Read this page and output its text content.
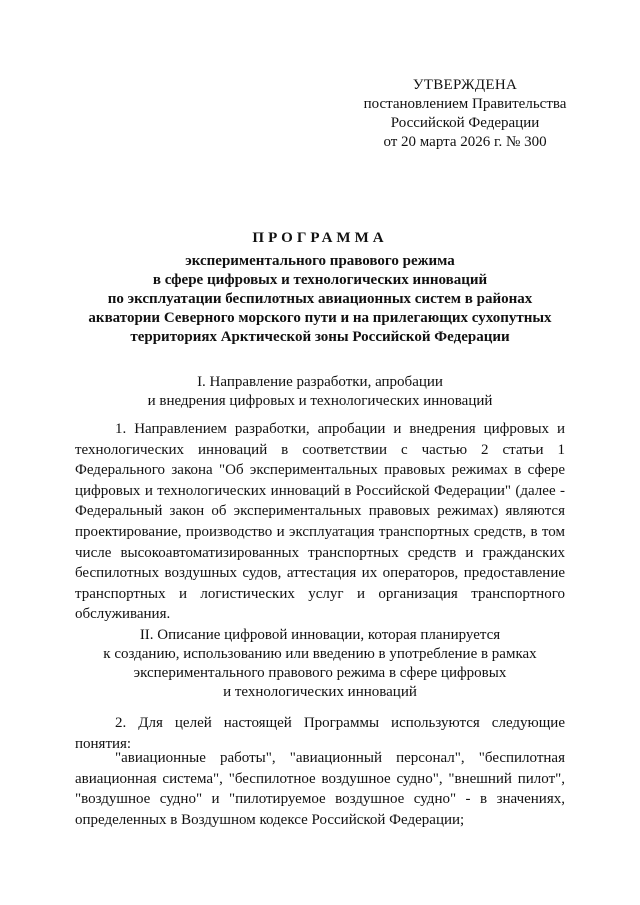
УТВЕРЖДЕНА
постановлением Правительства
Российской Федерации
от 20 марта 2026 г. № 300
ПРОГРАММА
экспериментального правового режима
в сфере цифровых и технологических инноваций
по эксплуатации беспилотных авиационных систем в районах
акватории Северного морского пути и на прилегающих сухопутных
территориях Арктической зоны Российской Федерации
I. Направление разработки, апробации
и внедрения цифровых и технологических инноваций
1. Направлением разработки, апробации и внедрения цифровых и технологических инноваций в соответствии с частью 2 статьи 1 Федерального закона "Об экспериментальных правовых режимах в сфере цифровых и технологических инноваций в Российской Федерации" (далее - Федеральный закон об экспериментальных правовых режимах) являются проектирование, производство и эксплуатация транспортных средств, в том числе высокоавтоматизированных транспортных средств и гражданских беспилотных воздушных судов, аттестация их операторов, предоставление транспортных и логистических услуг и организация транспортного обслуживания.
II. Описание цифровой инновации, которая планируется
к созданию, использованию или введению в употребление в рамках
экспериментального правового режима в сфере цифровых
и технологических инноваций
2. Для целей настоящей Программы используются следующие понятия:
"авиационные работы", "авиационный персонал", "беспилотная авиационная система", "беспилотное воздушное судно", "внешний пилот", "воздушное судно" и "пилотируемое воздушное судно" - в значениях, определенных в Воздушном кодексе Российской Федерации;
